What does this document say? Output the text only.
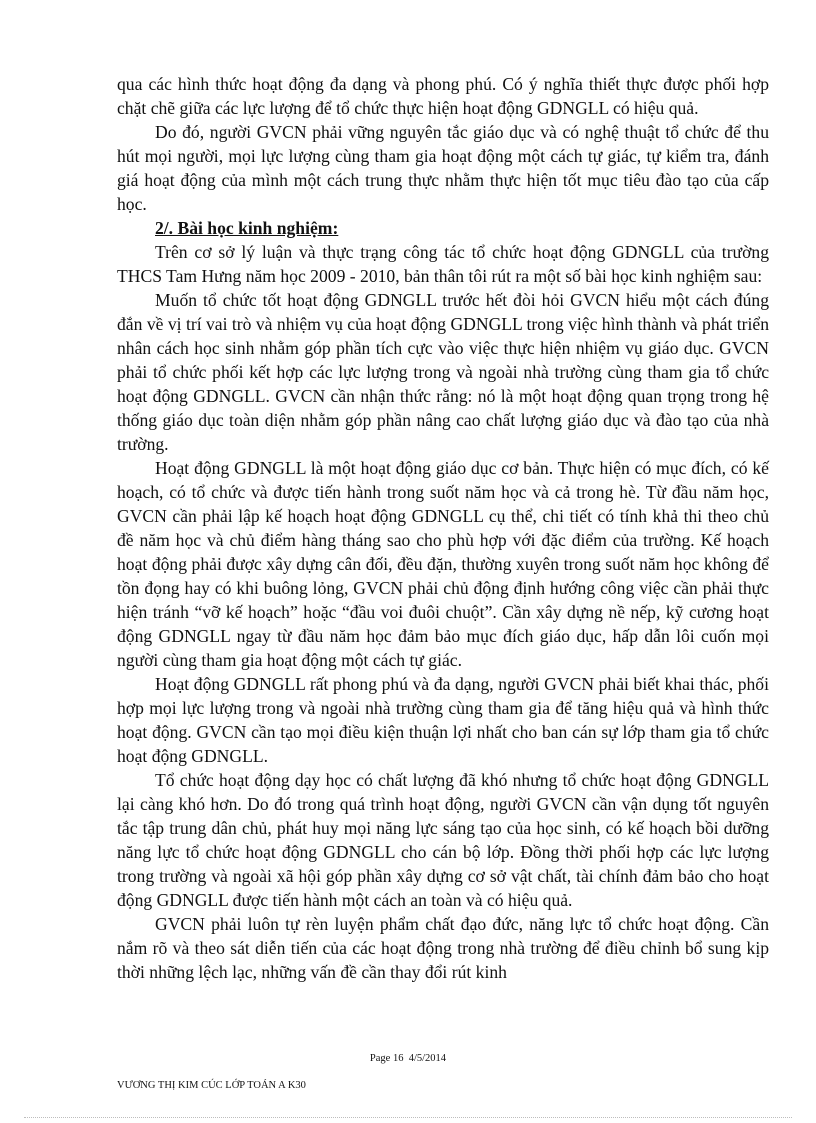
qua các hình thức hoạt động đa dạng và phong phú. Có ý nghĩa thiết thực được phối hợp chặt chẽ giữa các lực lượng để tổ chức thực hiện hoạt động GDNGLL có hiệu quả.

Do đó, người GVCN phải vững nguyên tắc giáo dục và có nghệ thuật tổ chức để thu hút mọi người, mọi lực lượng cùng tham gia hoạt động một cách tự giác, tự kiểm tra, đánh giá hoạt động của mình một cách trung thực nhằm thực hiện tốt mục tiêu đào tạo của cấp học.

2/. Bài học kinh nghiệm:

Trên cơ sở lý luận và thực trạng công tác tổ chức hoạt động GDNGLL của trường THCS Tam Hưng năm học 2009 - 2010, bản thân tôi rút ra một số bài học kinh nghiệm sau:

Muốn tổ chức tốt hoạt động GDNGLL trước hết đòi hỏi GVCN hiểu một cách đúng đắn về vị trí vai trò và nhiệm vụ của hoạt động GDNGLL trong việc hình thành và phát triển nhân cách học sinh nhằm góp phần tích cực vào việc thực hiện nhiệm vụ giáo dục. GVCN phải tổ chức phối kết hợp các lực lượng trong và ngoài nhà trường cùng tham gia tổ chức hoạt động GDNGLL. GVCN cần nhận thức rằng: nó là một hoạt động quan trọng trong hệ thống giáo dục toàn diện nhằm góp phần nâng cao chất lượng giáo dục và đào tạo của nhà trường.

Hoạt động GDNGLL là một hoạt động giáo dục cơ bản. Thực hiện có mục đích, có kế hoạch, có tổ chức và được tiến hành trong suốt năm học và cả trong hè. Từ đầu năm học, GVCN cần phải lập kế hoạch hoạt động GDNGLL cụ thể, chi tiết có tính khả thi theo chủ đề năm học và chủ điểm hàng tháng sao cho phù hợp với đặc điểm của trường. Kế hoạch hoạt động phải được xây dựng cân đối, đều đặn, thường xuyên trong suốt năm học không để tồn đọng hay có khi buông lỏng, GVCN phải chủ động định hướng công việc cần phải thực hiện tránh “vỡ kế hoạch” hoặc “đầu voi đuôi chuột”. Cần xây dựng nề nếp, kỹ cương hoạt động GDNGLL ngay từ đầu năm học đảm bảo mục đích giáo dục, hấp dẫn lôi cuốn mọi người cùng tham gia hoạt động một cách tự giác.

Hoạt động GDNGLL rất phong phú và đa dạng, người GVCN phải biết khai thác, phối hợp mọi lực lượng trong và ngoài nhà trường cùng tham gia để tăng hiệu quả và hình thức hoạt động. GVCN cần tạo mọi điều kiện thuận lợi nhất cho ban cán sự lớp tham gia tổ chức hoạt động GDNGLL.

Tổ chức hoạt động dạy học có chất lượng đã khó nhưng tổ chức hoạt động GDNGLL lại càng khó hơn. Do đó trong quá trình hoạt động, người GVCN cần vận dụng tốt nguyên tắc tập trung dân chủ, phát huy mọi năng lực sáng tạo của học sinh, có kế hoạch bồi dưỡng năng lực tổ chức hoạt động GDNGLL cho cán bộ lớp. Đồng thời phối hợp các lực lượng trong trường và ngoài xã hội góp phần xây dựng cơ sở vật chất, tài chính đảm bảo cho hoạt động GDNGLL được tiến hành một cách an toàn và có hiệu quả.

GVCN phải luôn tự rèn luyện phẩm chất đạo đức, năng lực tổ chức hoạt động. Cần nắm rõ và theo sát diễn tiến của các hoạt động trong nhà trường để điều chỉnh bổ sung kịp thời những lệch lạc, những vấn đề cần thay đổi rút kinh

Page 16 4/5/2014
VƯƠNG THỊ KIM CÚC LỚP TOÁN A K30
